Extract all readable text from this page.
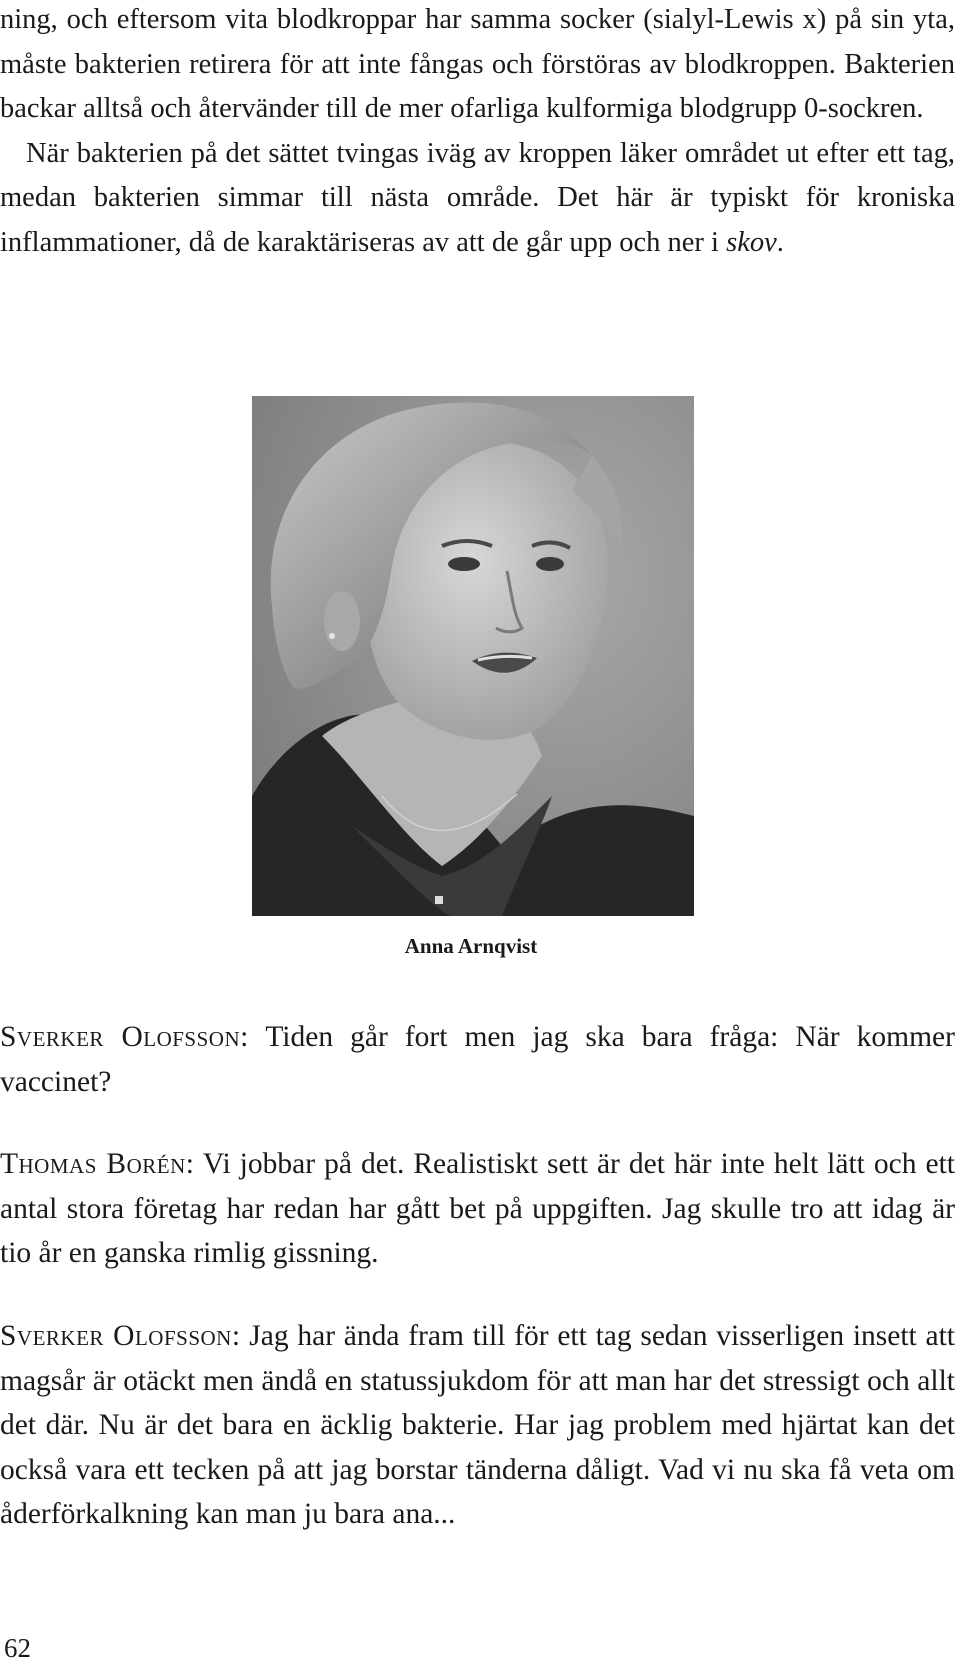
ning, och eftersom vita blodkroppar har samma socker (sialyl-Lewis x) på sin yta, måste bakterien retirera för att inte fångas och förstöras av blodkroppen. Bakterien backar alltså och återvänder till de mer ofarliga kulformiga blodgrupp 0-sockren.

När bakterien på det sättet tvingas iväg av kroppen läker området ut efter ett tag, medan bakterien simmar till nästa område. Det här är typiskt för kroniska inflammationer, då de karaktäriseras av att de går upp och ner i skov.

Anna Arnqvist

Sverker Olofsson: Tiden går fort men jag ska bara fråga: När kommer vaccinet?

Thomas Borén: Vi jobbar på det. Realistiskt sett är det här inte helt lätt och ett antal stora företag har redan har gått bet på uppgiften. Jag skulle tro att idag är tio år en ganska rimlig gissning.

Sverker Olofsson: Jag har ända fram till för ett tag sedan visserligen insett att magsår är otäckt men ändå en statussjukdom för att man har det stressigt och allt det där. Nu är det bara en äcklig bakterie. Har jag problem med hjärtat kan det också vara ett tecken på att jag borstar tänderna dåligt. Vad vi nu ska få veta om åderförkalkning kan man ju bara ana...

62
